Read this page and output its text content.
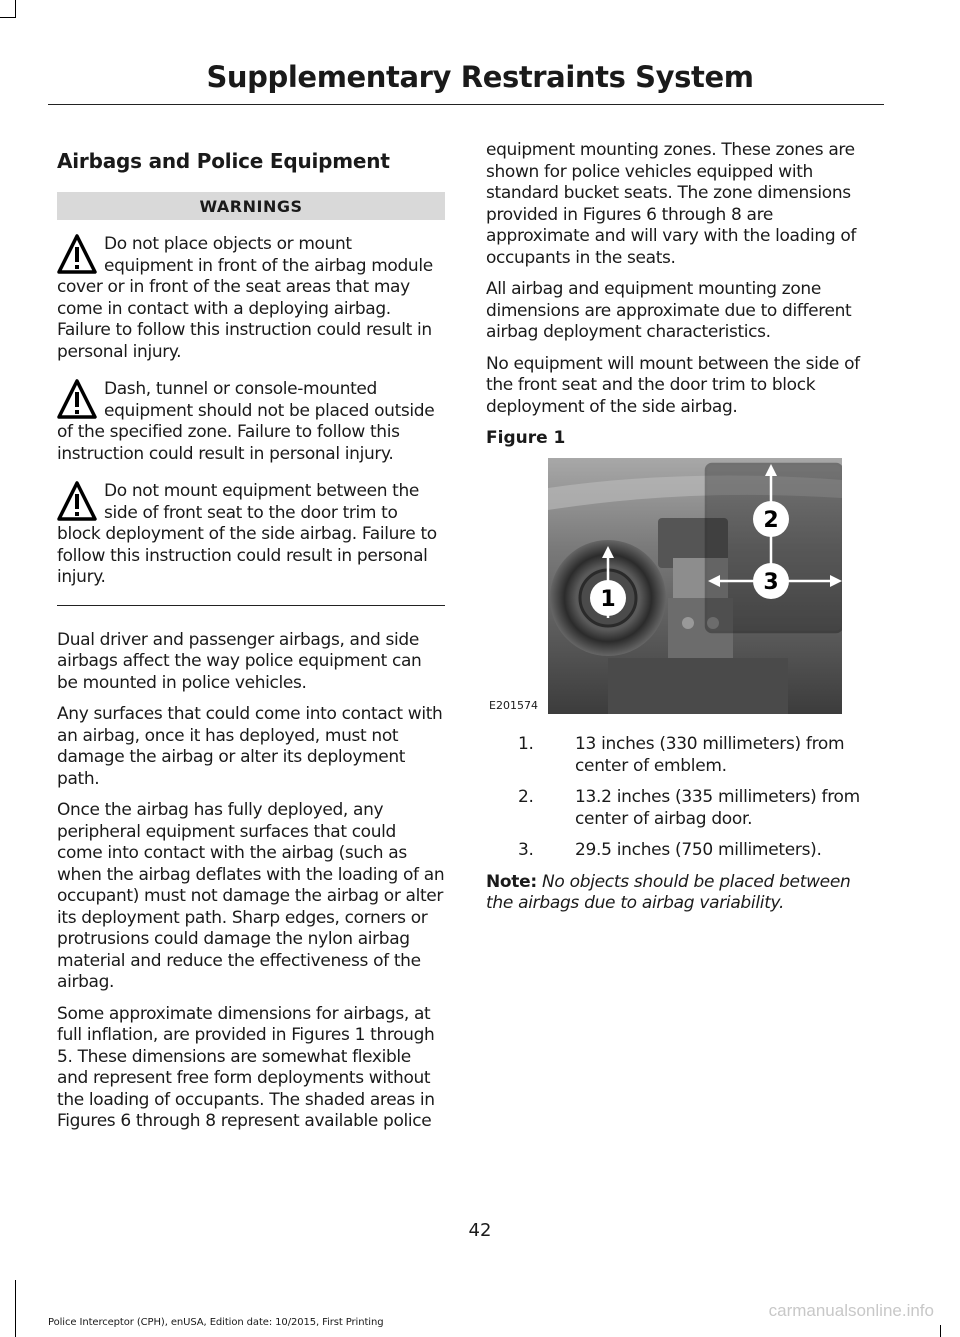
Supplementary Restraints System
Airbags and Police Equipment
WARNINGS
Do not place objects or mount equipment in front of the airbag module cover or in front of the seat areas that may come in contact with a deploying airbag. Failure to follow this instruction could result in personal injury.
Dash, tunnel or console-mounted equipment should not be placed outside of the specified zone. Failure to follow this instruction could result in personal injury.
Do not mount equipment between the side of front seat to the door trim to block deployment of the side airbag. Failure to follow this instruction could result in personal injury.

Dual driver and passenger airbags, and side airbags affect the way police equipment can be mounted in police vehicles.

Any surfaces that could come into contact with an airbag, once it has deployed, must not damage the airbag or alter its deployment path.

Once the airbag has fully deployed, any peripheral equipment surfaces that could come into contact with the airbag (such as when the airbag deflates with the loading of an occupant) must not damage the airbag or alter its deployment path. Sharp edges, corners or protrusions could damage the nylon airbag material and reduce the effectiveness of the airbag.

Some approximate dimensions for airbags, at full inflation, are provided in Figures 1 through 5. These dimensions are somewhat flexible and represent free form deployments without the loading of occupants. The shaded areas in Figures 6 through 8 represent available police

equipment mounting zones. These zones are shown for police vehicles equipped with standard bucket seats. The zone dimensions provided in Figures 6 through 8 are approximate and will vary with the loading of occupants in the seats.

All airbag and equipment mounting zone dimensions are approximate due to different airbag deployment characteristics.

No equipment will mount between the side of the front seat and the door trim to block deployment of the side airbag.

Figure 1

1
2
3
E201574
1. 13 inches (330 millimeters) from center of emblem.
2. 13.2 inches (335 millimeters) from center of airbag door.
3. 29.5 inches (750 millimeters).
Note: No objects should be placed between the airbags due to airbag variability.
42
Police Interceptor (CPH), enUSA, Edition date: 10/2015, First Printing
carmanualsonline.info
